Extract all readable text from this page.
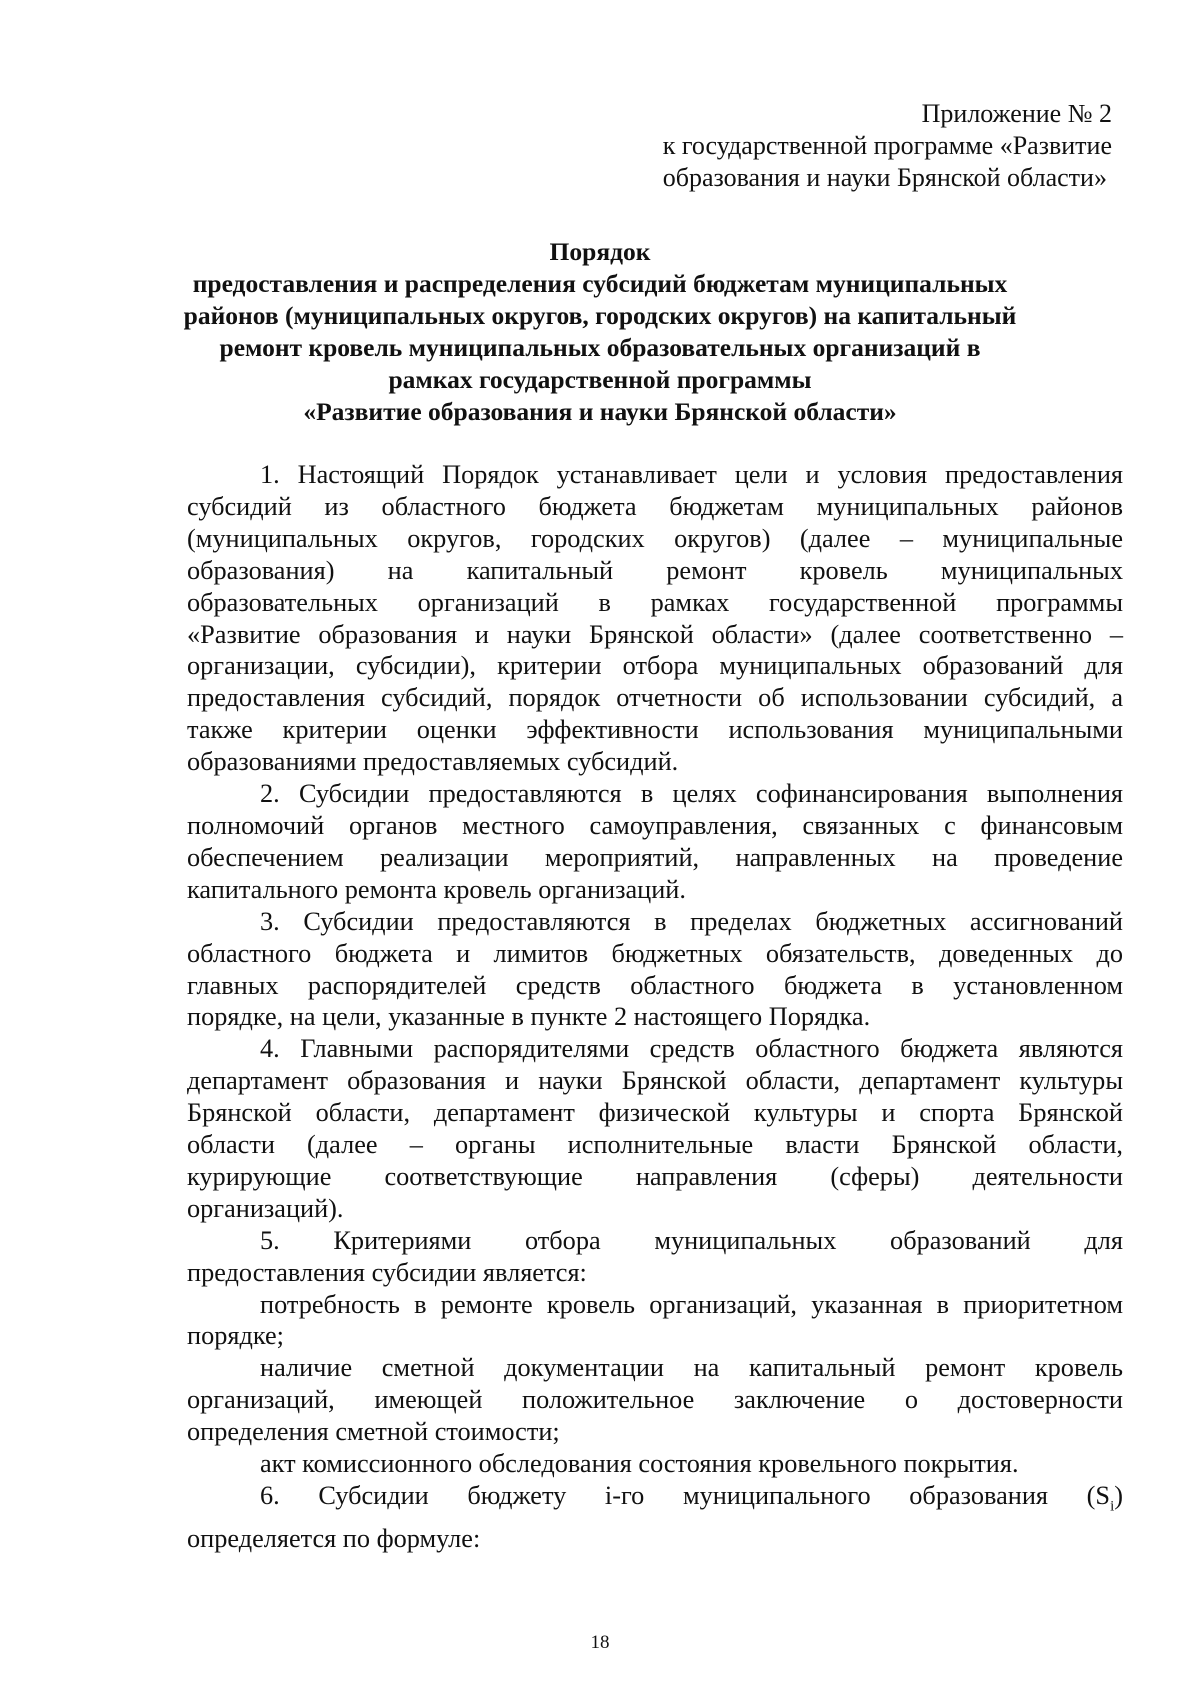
Приложение № 2
к государственной программе «Развитие
образования и науки Брянской области»
Порядок
предоставления и распределения субсидий бюджетам муниципальных
районов (муниципальных округов, городских округов) на капитальный
ремонт кровель муниципальных образовательных организаций в
рамках государственной программы
«Развитие образования и науки Брянской области»
1. Настоящий Порядок устанавливает цели и условия предоставления
субсидий из областного бюджета бюджетам муниципальных районов
(муниципальных округов, городских округов) (далее – муниципальные
образования) на капитальный ремонт кровель муниципальных
образовательных организаций в рамках государственной программы
«Развитие образования и науки Брянской области» (далее соответственно –
организации, субсидии), критерии отбора муниципальных образований для
предоставления субсидий, порядок отчетности об использовании субсидий, а
также критерии оценки эффективности использования муниципальными
образованиями предоставляемых субсидий.
2. Субсидии предоставляются в целях софинансирования выполнения
полномочий органов местного самоуправления, связанных с финансовым
обеспечением реализации мероприятий, направленных на проведение
капитального ремонта кровель организаций.
3. Субсидии предоставляются в пределах бюджетных ассигнований
областного бюджета и лимитов бюджетных обязательств, доведенных до
главных распорядителей средств областного бюджета в установленном
порядке, на цели, указанные в пункте 2 настоящего Порядка.
4. Главными распорядителями средств областного бюджета являются
департамент образования и науки Брянской области, департамент культуры
Брянской области, департамент физической культуры и спорта Брянской
области (далее – органы исполнительные власти Брянской области,
курирующие соответствующие направления (сферы) деятельности
организаций).
5. Критериями отбора муниципальных образований для
предоставления субсидии является:
потребность в ремонте кровель организаций, указанная в приоритетном
порядке;
наличие сметной документации на капитальный ремонт кровель
организаций, имеющей положительное заключение о достоверности
определения сметной стоимости;
акт комиссионного обследования состояния кровельного покрытия.
6. Субсидии бюджету i-го муниципального образования $(S_i)$
определяется по формуле:
18
